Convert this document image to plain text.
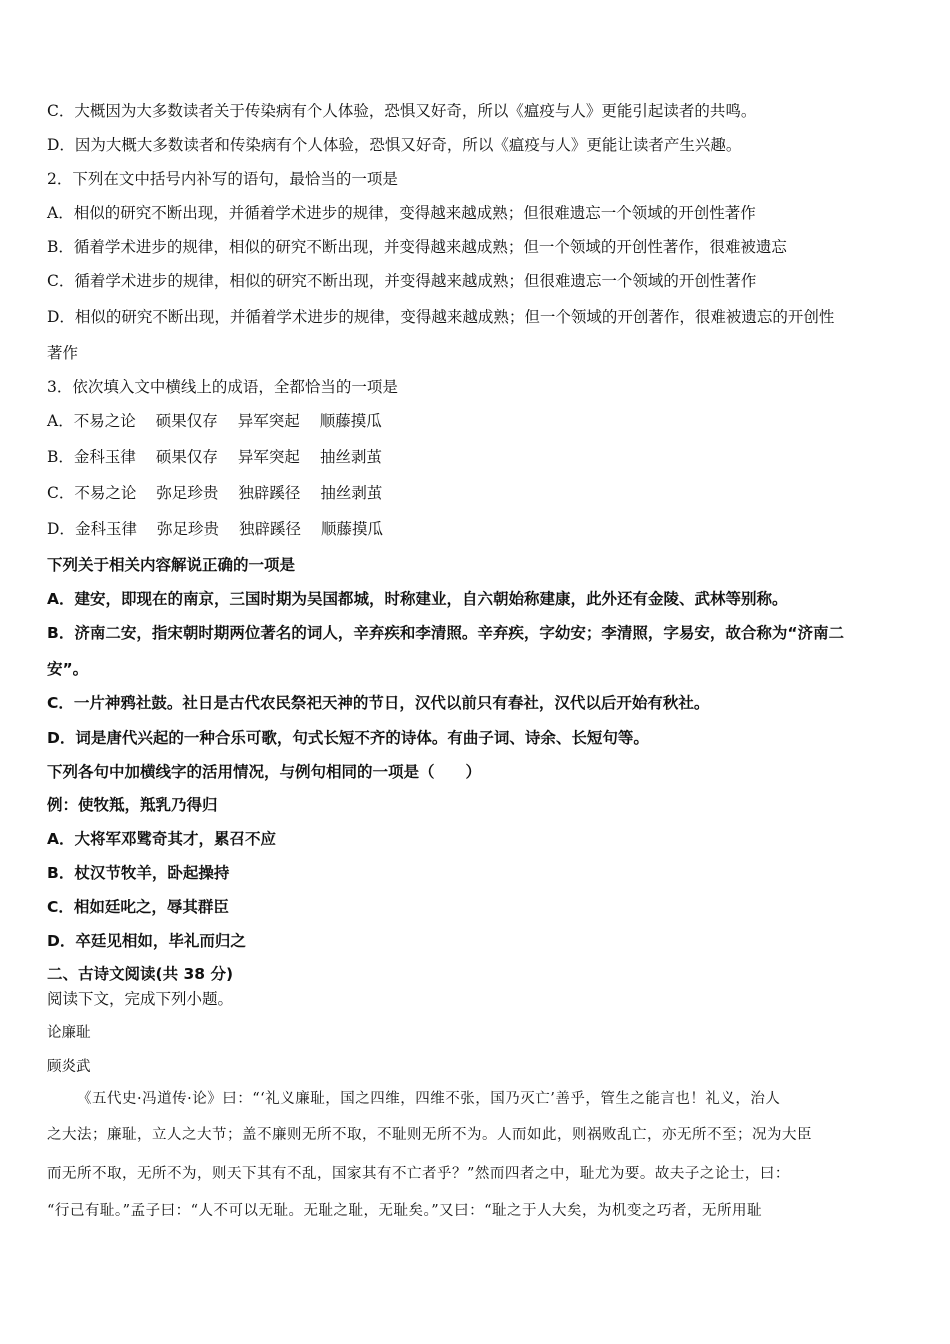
C．大概因为大多数读者关于传染病有个人体验，恐惧又好奇，所以《瘟疫与人》更能引起读者的共鸣。
D．因为大概大多数读者和传染病有个人体验，恐惧又好奇，所以《瘟疫与人》更能让读者产生兴趣。
2．下列在文中括号内补写的语句，最恰当的一项是
A．相似的研究不断出现，并循着学术进步的规律，变得越来越成熟；但很难遗忘一个领域的开创性著作
B．循着学术进步的规律，相似的研究不断出现，并变得越来越成熟；但一个领域的开创性著作，很难被遗忘
C．循着学术进步的规律，相似的研究不断出现，并变得越来越成熟；但很难遗忘一个领域的开创性著作
D．相似的研究不断出现，并循着学术进步的规律，变得越来越成熟；但一个领域的开创著作，很难被遗忘的开创性
著作
3．依次填入文中横线上的成语，全都恰当的一项是
A．不易之论 硕果仅存 异军突起 顺藤摸瓜
B．金科玉律 硕果仅存 异军突起 抽丝剥茧
C．不易之论 弥足珍贵 独辟蹊径 抽丝剥茧
D．金科玉律 弥足珍贵 独辟蹊径 顺藤摸瓜
下列关于相关内容解说正确的一项是
A．建安，即现在的南京，三国时期为吴国都城，时称建业，自六朝始称建康，此外还有金陵、武林等别称。
B．济南二安，指宋朝时期两位著名的词人，辛弃疾和李清照。辛弃疾，字幼安；李清照，字易安，故合称为“济南二
安”。
C．一片神鸦社鼓。社日是古代农民祭祀天神的节日，汉代以前只有春社，汉代以后开始有秋社。
D．词是唐代兴起的一种合乐可歌，句式长短不齐的诗体。有曲子词、诗余、长短句等。
下列各句中加横线字的活用情况，与例句相同的一项是（　　）
例：使牧羝，羝乳乃得归
A．大将军邓骘奇其才，累召不应
B．杖汉节牧羊，卧起操持
C．相如廷叱之，辱其群臣
D．卒廷见相如，毕礼而归之
二、古诗文阅读(共 38 分)
阅读下文，完成下列小题。
论廉耻
顾炎武
《五代史·冯道传·论》曰：“‘礼义廉耻，国之四维，四维不张，国乃灭亡’善乎，管生之能言也！礼义，治人
之大法；廉耻，立人之大节；盖不廉则无所不取，不耻则无所不为。人而如此，则祸败乱亡，亦无所不至；况为大臣
而无所不取，无所不为，则天下其有不乱，国家其有不亡者乎？”然而四者之中，耻尤为要。故夫子之论士，曰：
“行己有耻。”孟子曰：“人不可以无耻。无耻之耻，无耻矣。”又曰：“耻之于人大矣，为机变之巧者，无所用耻
